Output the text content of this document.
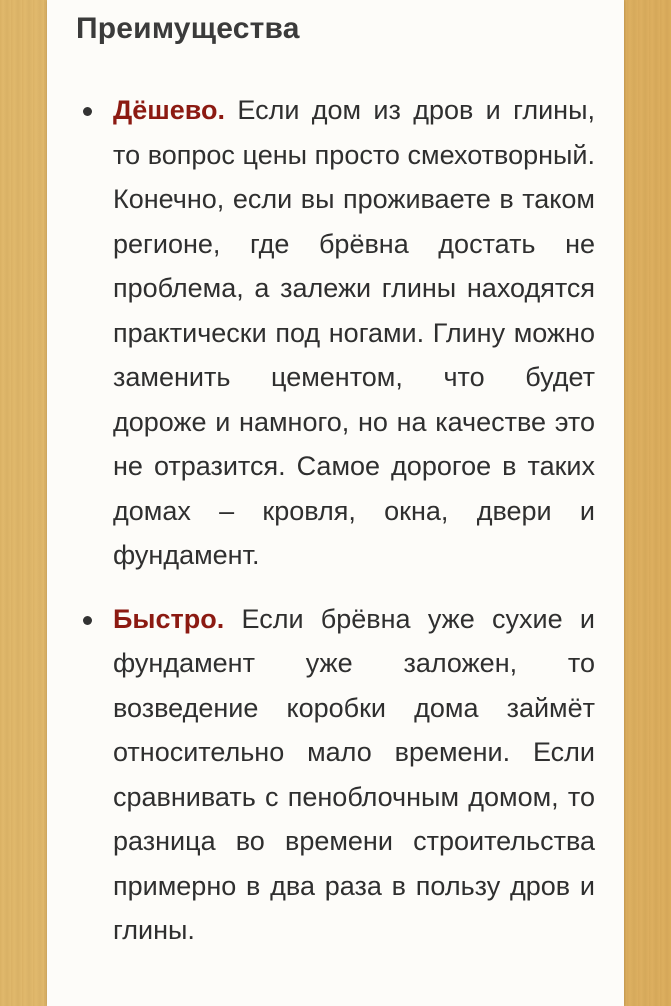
Преимущества
Дёшево. Если дом из дров и глины, то вопрос цены просто смехотворный. Конечно, если вы проживаете в таком регионе, где брёвна достать не проблема, а залежи глины находятся практически под ногами. Глину можно заменить цементом, что будет дороже и намного, но на качестве это не отразится. Самое дорогое в таких домах – кровля, окна, двери и фундамент.
Быстро. Если брёвна уже сухие и фундамент уже заложен, то возведение коробки дома займёт относительно мало времени. Если сравнивать с пеноблочным домом, то разница во времени строительства примерно в два раза в пользу дров и глины.
